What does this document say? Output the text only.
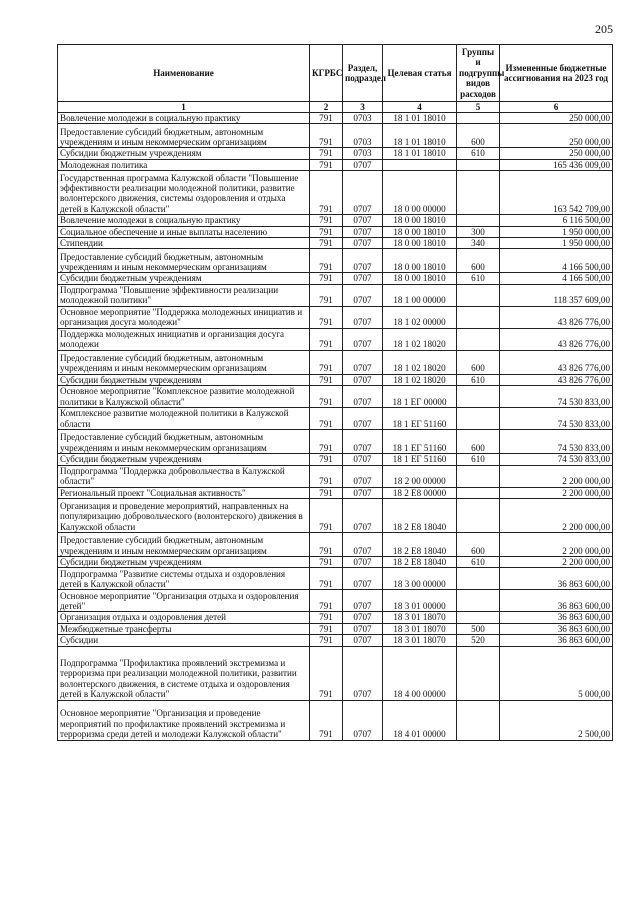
205
Наименование	КГРБС	Раздел, подраздел	Целевая статья	Группы и подгруппы видов расходов	Измененные бюджетные ассигнования на 2023 год
1	2	3	4	5	6
Вовлечение молодежи в социальную практику	791	0703	18 1 01 18010		250 000,00
Предоставление субсидий бюджетным, автономным учреждениям и иным некоммерческим организациям	791	0703	18 1 01 18010	600	250 000,00
Субсидии бюджетным учреждениям	791	0703	18 1 01 18010	610	250 000,00
Молодежная политика	791	0707			165 436 009,00
Государственная программа Калужской области "Повышение эффективности реализации молодежной политики, развитие волонтерского движения, системы оздоровления и отдыха детей в Калужской области"	791	0707	18 0 00 00000		163 542 709,00
Вовлечение молодежи в социальную практику	791	0707	18 0 00 18010		6 116 500,00
Социальное обеспечение и иные выплаты населению	791	0707	18 0 00 18010	300	1 950 000,00
Стипендии	791	0707	18 0 00 18010	340	1 950 000,00
Предоставление субсидий бюджетным, автономным учреждениям и иным некоммерческим организациям	791	0707	18 0 00 18010	600	4 166 500,00
Субсидии бюджетным учреждениям	791	0707	18 0 00 18010	610	4 166 500,00
Подпрограмма "Повышение эффективности реализации молодежной политики"	791	0707	18 1 00 00000		118 357 609,00
Основное мероприятие "Поддержка молодежных инициатив и организация досуга молодежи"	791	0707	18 1 02 00000		43 826 776,00
Поддержка молодежных инициатив и организация досуга молодежи	791	0707	18 1 02 18020		43 826 776,00
Предоставление субсидий бюджетным, автономным учреждениям и иным некоммерческим организациям	791	0707	18 1 02 18020	600	43 826 776,00
Субсидии бюджетным учреждениям	791	0707	18 1 02 18020	610	43 826 776,00
Основное мероприятие "Комплексное развитие молодежной политики в Калужской области"	791	0707	18 1 ЕГ 00000		74 530 833,00
Комплексное развитие молодежной политики в Калужской области	791	0707	18 1 ЕГ 51160		74 530 833,00
Предоставление субсидий бюджетным, автономным учреждениям и иным некоммерческим организациям	791	0707	18 1 ЕГ 51160	600	74 530 833,00
Субсидии бюджетным учреждениям	791	0707	18 1 ЕГ 51160	610	74 530 833,00
Подпрограмма "Поддержка добровольчества в Калужской области"	791	0707	18 2 00 00000		2 200 000,00
Региональный проект "Социальная активность"	791	0707	18 2 Е8 00000		2 200 000,00
Организация и проведение мероприятий, направленных на популяризацию добровольческого (волонтерского) движения в Калужской области	791	0707	18 2 Е8 18040		2 200 000,00
Предоставление субсидий бюджетным, автономным учреждениям и иным некоммерческим организациям	791	0707	18 2 Е8 18040	600	2 200 000,00
Субсидии бюджетным учреждениям	791	0707	18 2 Е8 18040	610	2 200 000,00
Подпрограмма "Развитие системы отдыха и оздоровления детей в Калужской области"	791	0707	18 3 00 00000		36 863 600,00
Основное мероприятие "Организация отдыха и оздоровления детей"	791	0707	18 3 01 00000		36 863 600,00
Организация отдыха и оздоровления детей	791	0707	18 3 01 18070		36 863 600,00
Межбюджетные трансферты	791	0707	18 3 01 18070	500	36 863 600,00
Субсидии	791	0707	18 3 01 18070	520	36 863 600,00
Подпрограмма "Профилактика проявлений экстремизма и терроризма при реализации молодежной политики, развитии волонтерского движения, в системе отдыха и оздоровления детей в Калужской области"	791	0707	18 4 00 00000		5 000,00
Основное мероприятие "Организация и проведение мероприятий по профилактике проявлений экстремизма и терроризма среди детей и молодежи Калужской области"	791	0707	18 4 01 00000		2 500,00
